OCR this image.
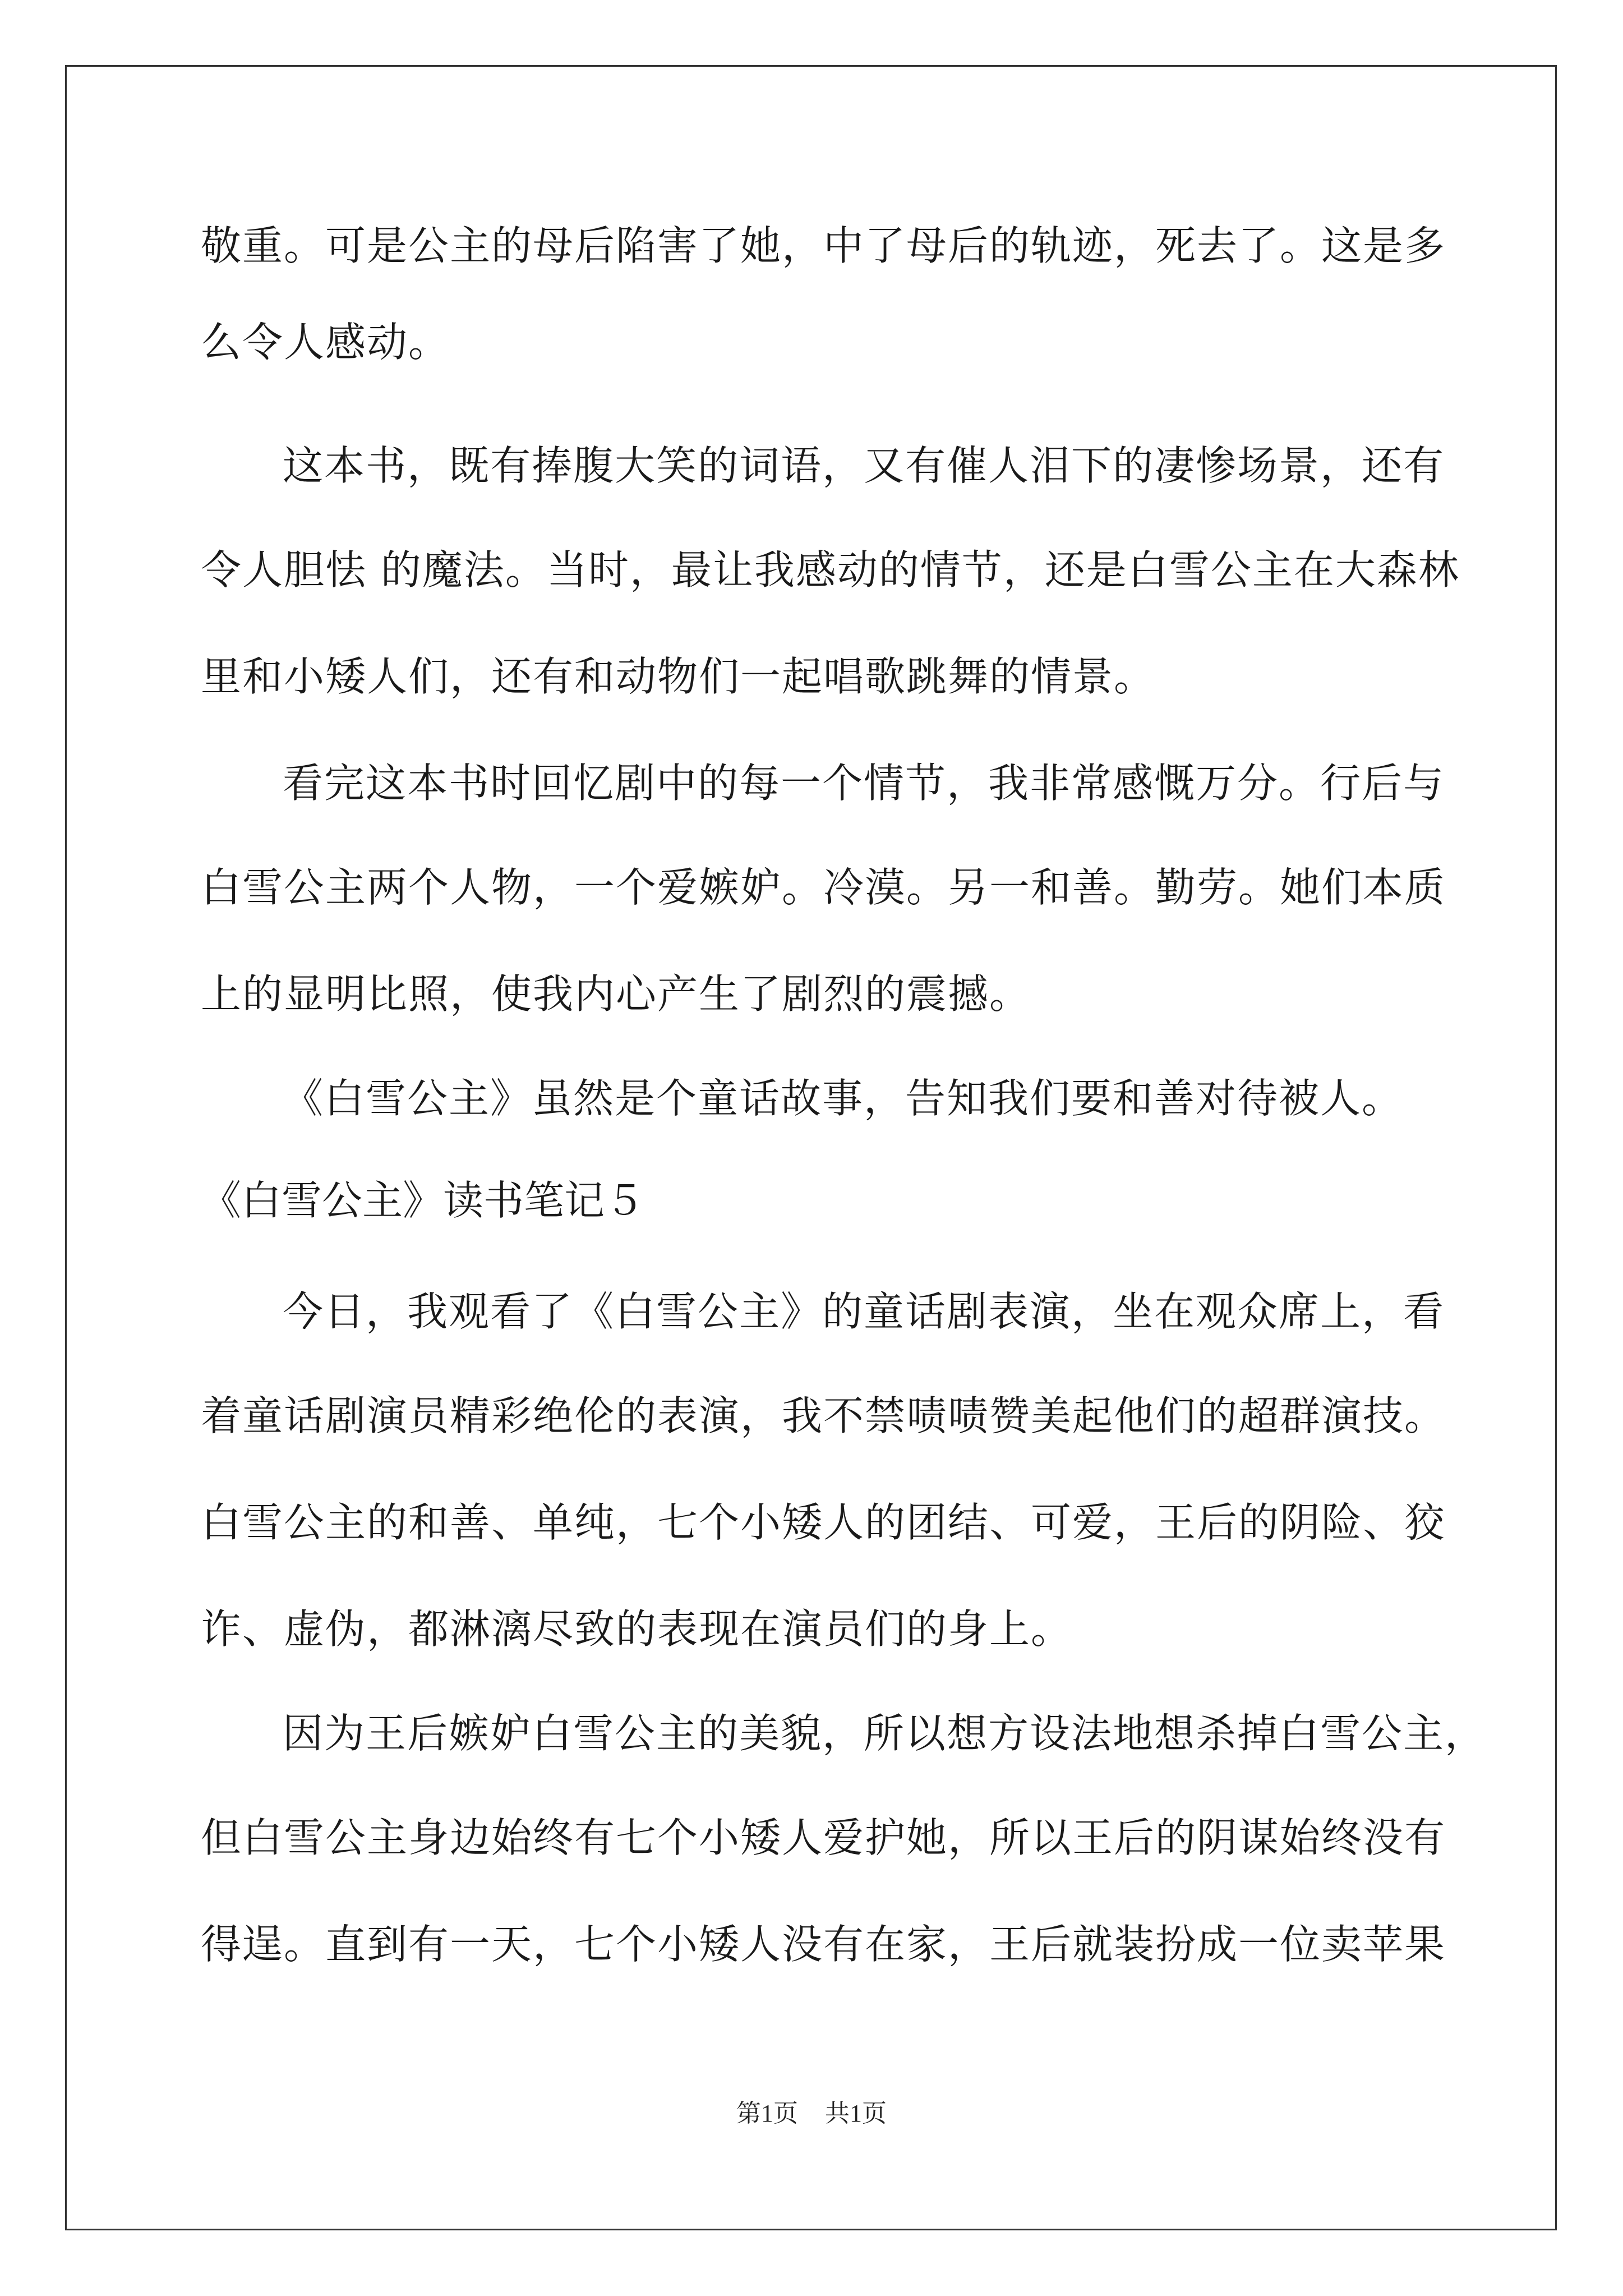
敬重。可是公主的母后陷害了她，中了母后的轨迹，死去了。这是多
么令人感动。
这本书，既有捧腹大笑的词语，又有催人泪下的凄惨场景，还有
令人胆怯 的魔法。当时，最让我感动的情节，还是白雪公主在大森林
里和小矮人们，还有和动物们一起唱歌跳舞的情景。
看完这本书时回忆剧中的每一个情节，我非常感慨万分。行后与
白雪公主两个人物，一个爱嫉妒。冷漠。另一和善。勤劳。她们本质
上的显明比照，使我内心产生了剧烈的震撼。
《白雪公主》虽然是个童话故事，告知我们要和善对待被人。
《白雪公主》读书笔记５
今日，我观看了《白雪公主》的童话剧表演，坐在观众席上，看
着童话剧演员精彩绝伦的表演，我不禁啧啧赞美起他们的超群演技。
白雪公主的和善、单纯，七个小矮人的团结、可爱，王后的阴险、狡
诈、虚伪，都淋漓尽致的表现在演员们的身上。
因为王后嫉妒白雪公主的美貌，所以想方设法地想杀掉白雪公主，
但白雪公主身边始终有七个小矮人爱护她，所以王后的阴谋始终没有
得逞。直到有一天，七个小矮人没有在家，王后就装扮成一位卖苹果
第1页 共1页
